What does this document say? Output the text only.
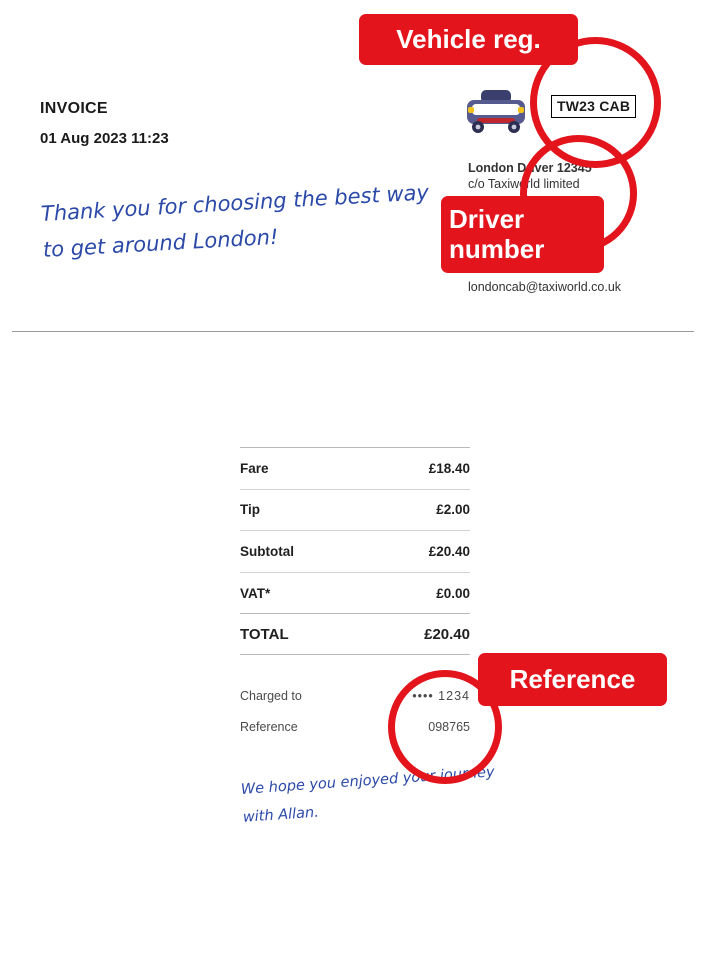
INVOICE
01 Aug 2023 11:23
TW23 CAB
London Driver 12345
c/o Taxiworld limited
londoncab@taxiworld.co.uk
Thank you for choosing the best way to get around London!
Fare	£18.40
Tip	£2.00
Subtotal	£20.40
VAT*	£0.00
TOTAL	£20.40
Charged to	•••• 1234
Reference	098765
We hope you enjoyed your journey with Allan.
Vehicle reg.
Driver number
Reference
